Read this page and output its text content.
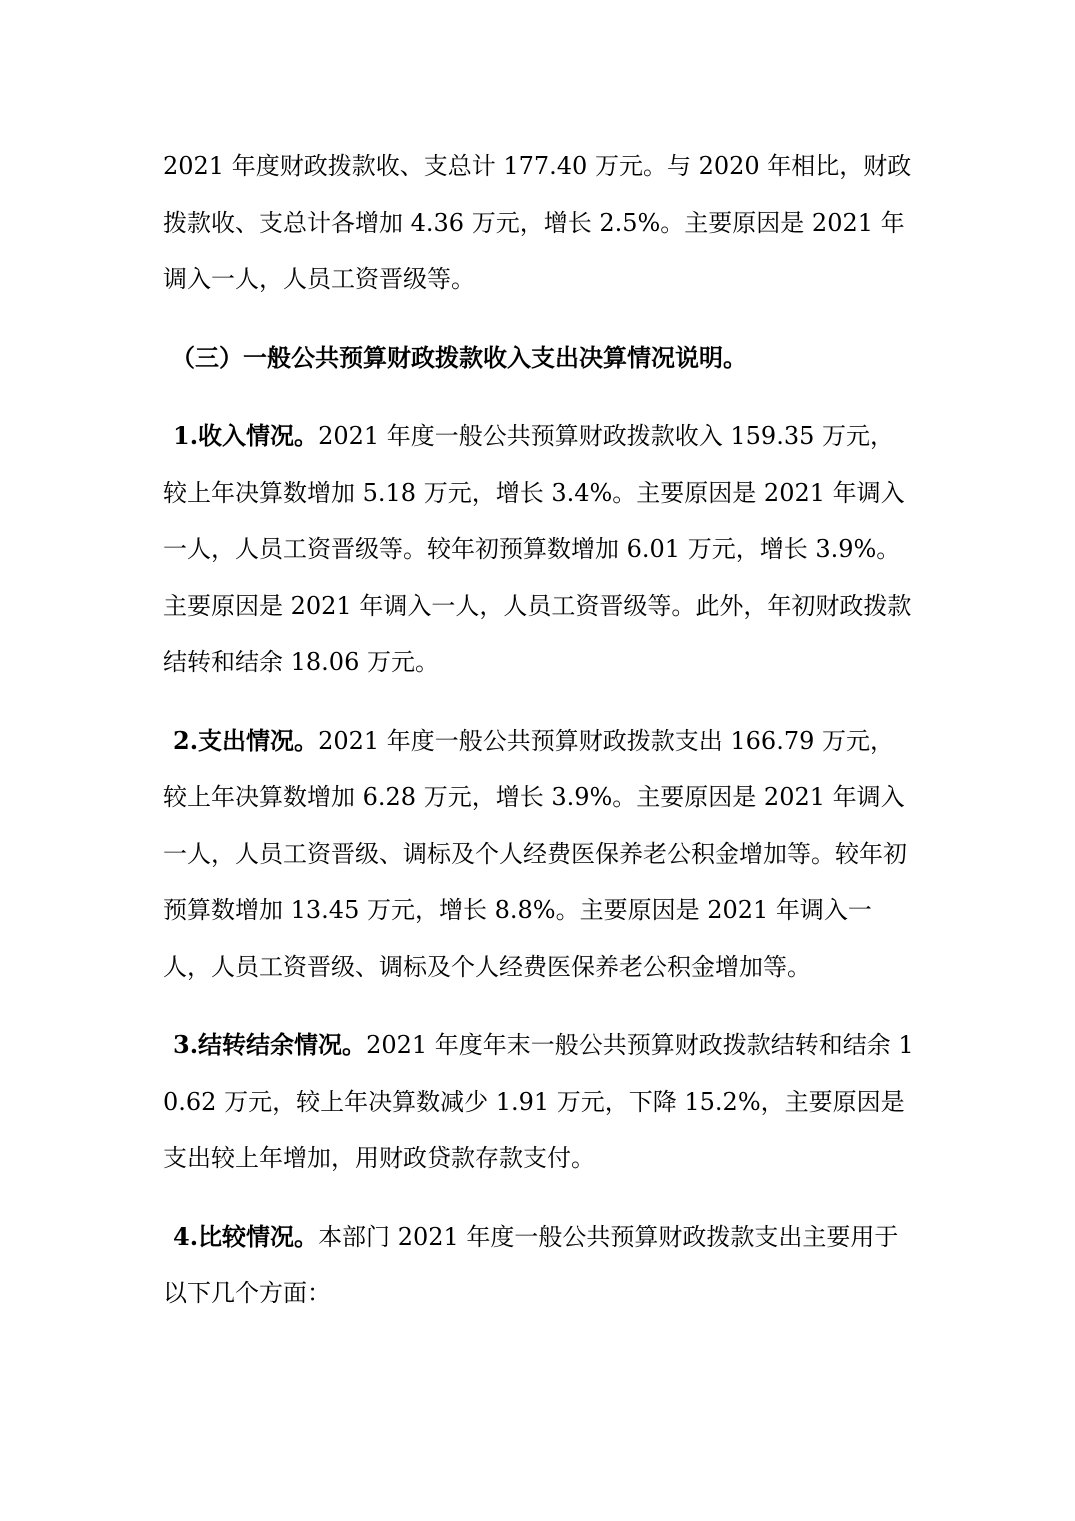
2021 年度财政拨款收、支总计 177.40 万元。与 2020 年相比，财政拨款收、支总计各增加 4.36 万元，增长 2.5%。主要原因是 2021 年调入一人，人员工资晋级等。

（三）一般公共预算财政拨款收入支出决算情况说明。

1.收入情况。2021 年度一般公共预算财政拨款收入 159.35 万元，较上年决算数增加 5.18 万元，增长 3.4%。主要原因是 2021 年调入一人，人员工资晋级等。较年初预算数增加 6.01 万元，增长 3.9%。主要原因是 2021 年调入一人，人员工资晋级等。此外，年初财政拨款结转和结余 18.06 万元。

2.支出情况。2021 年度一般公共预算财政拨款支出 166.79 万元，较上年决算数增加 6.28 万元，增长 3.9%。主要原因是 2021 年调入一人，人员工资晋级、调标及个人经费医保养老公积金增加等。较年初预算数增加 13.45 万元，增长 8.8%。主要原因是 2021 年调入一人，人员工资晋级、调标及个人经费医保养老公积金增加等。

3.结转结余情况。2021 年度年末一般公共预算财政拨款结转和结余 10.62 万元，较上年决算数减少 1.91 万元，下降 15.2%，主要原因是支出较上年增加，用财政贷款存款支付。

4.比较情况。本部门 2021 年度一般公共预算财政拨款支出主要用于以下几个方面：
